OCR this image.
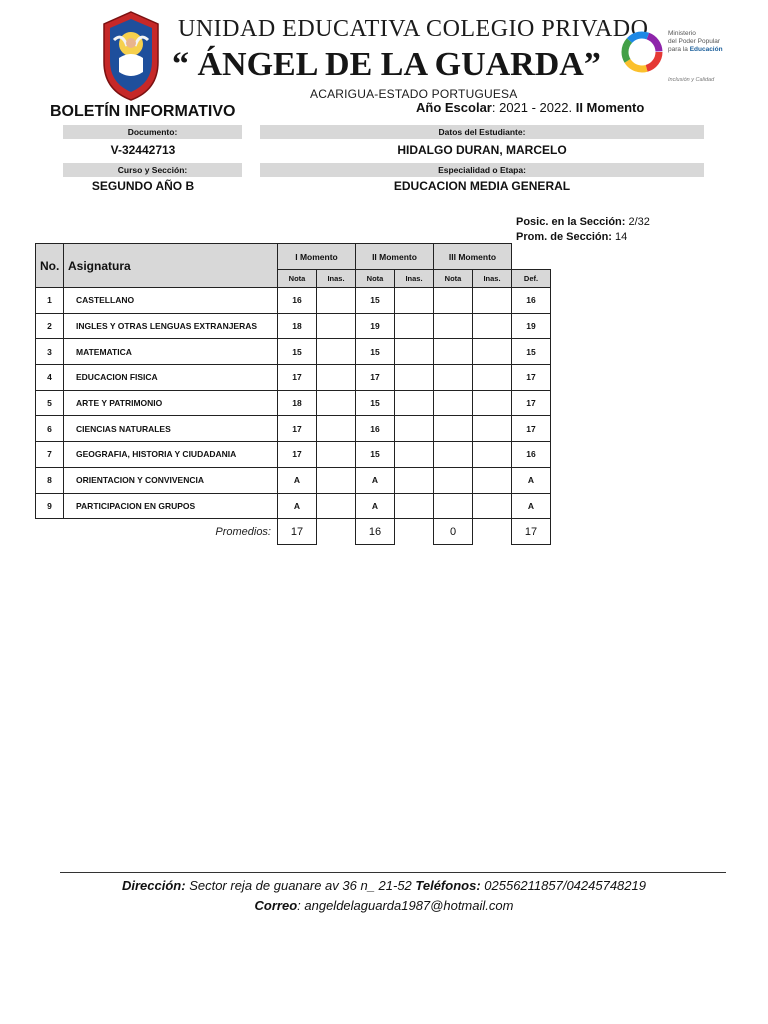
UNIDAD EDUCATIVA COLEGIO PRIVADO
“ ÁNGEL DE LA GUARDA”
ACARIGUA-ESTADO PORTUGUESA
Ministerio
del Poder Popular
para la Educación
Inclusión y Calidad
BOLETÍN INFORMATIVO	Año Escolar: 2021 - 2022. II Momento
Documento:	Datos del Estudiante:
V-32442713	HIDALGO DURAN, MARCELO
Curso y Sección:	Especialidad o Etapa:
SEGUNDO AÑO B	EDUCACION MEDIA GENERAL
Posic. en la Sección: 2/32
Prom. de Sección: 14
No.	Asignatura	I Momento		II Momento		III Momento		
		Nota	Inas.	Nota	Inas.	Nota	Inas.	Def.
1	CASTELLANO	16		15				16
2	INGLES Y OTRAS LENGUAS EXTRANJERAS	18		19				19
3	MATEMATICA	15		15				15
4	EDUCACION FISICA	17		17				17
5	ARTE Y PATRIMONIO	18		15				17
6	CIENCIAS NATURALES	17		16				17
7	GEOGRAFIA, HISTORIA Y CIUDADANIA	17		15				16
8	ORIENTACION Y CONVIVENCIA	A		A				A
9	PARTICIPACION EN GRUPOS	A		A				A
Promedios:		17		16		0		17
Dirección: Sector reja de guanare av 36 n_ 21-52 Teléfonos: 02556211857/04245748219
Correo: angeldelaguarda1987@hotmail.com
